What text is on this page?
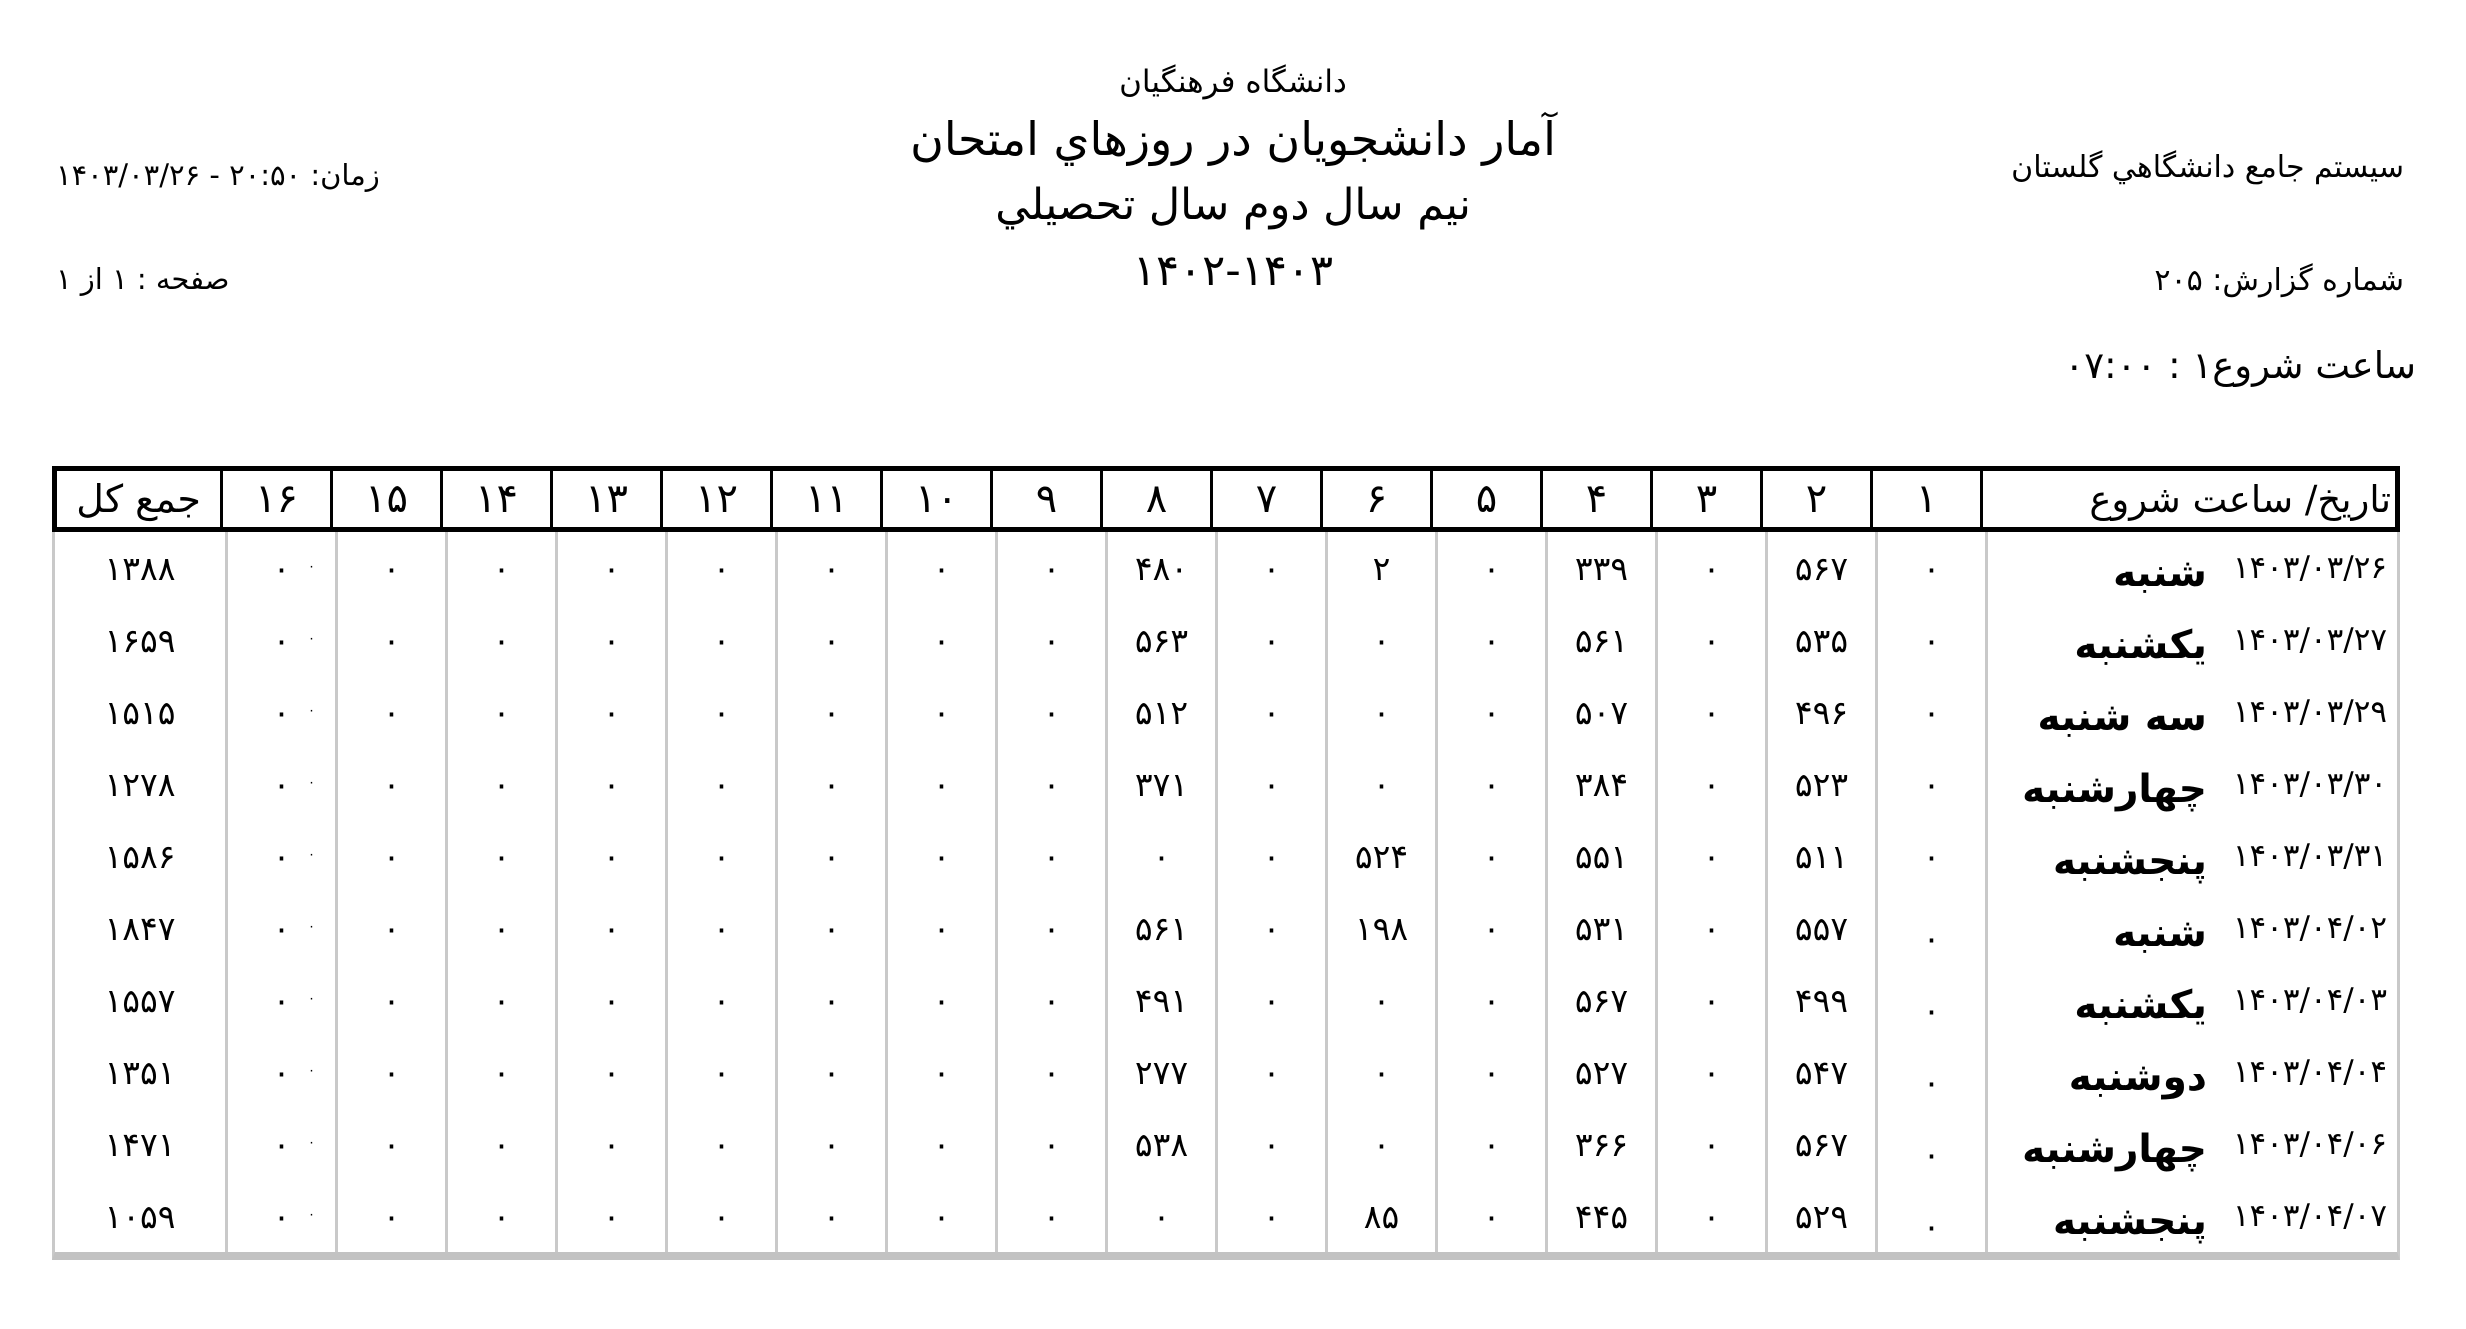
دانشگاه فرهنگيان
آمار دانشجويان در روزهاي امتحان
نيم سال دوم سال تحصيلي
۱۴۰۲-۱۴۰۳
سيستم جامع دانشگاهي گلستان
شماره گزارش: ۲۰۵
ساعت شروع۱ : ۰۷:۰۰
زمان: ۲۰:۵۰ - ۱۴۰۳/۰۳/۲۶
صفحه : ۱ از ۱
تاريخ/ ساعت شروع
۱
۲
۳
۴
۵
۶
۷
۸
۹
۱۰
۱۱
۱۲
۱۳
۱۴
۱۵
۱۶
جمع کل
۱۴۰۳/۰۳/۲۶
شنبه
۰
۵۶۷
۰
۳۳۹
۰
۲
۰
۴۸۰
۰
۰
۰
۰
۰
۰
۰
۰ ۰
۱۳۸۸
۱۴۰۳/۰۳/۲۷
يكشنبه
۰
۵۳۵
۰
۵۶۱
۰
۰
۰
۵۶۳
۰
۰
۰
۰
۰
۰
۰
۰ ۰
۱۶۵۹
۱۴۰۳/۰۳/۲۹
سه شنبه
۰
۴۹۶
۰
۵۰۷
۰
۰
۰
۵۱۲
۰
۰
۰
۰
۰
۰
۰
۰ ۰
۱۵۱۵
۱۴۰۳/۰۳/۳۰
چهارشنبه
۰
۵۲۳
۰
۳۸۴
۰
۰
۰
۳۷۱
۰
۰
۰
۰
۰
۰
۰
۰ ۰
۱۲۷۸
۱۴۰۳/۰۳/۳۱
پنجشنبه
۰
۵۱۱
۰
۵۵۱
۰
۵۲۴
۰
۰
۰
۰
۰
۰
۰
۰
۰
۰ ۰
۱۵۸۶
۱۴۰۳/۰۴/۰۲
شنبه
۰
۵۵۷
۰
۵۳۱
۰
۱۹۸
۰
۵۶۱
۰
۰
۰
۰
۰
۰
۰
۰ ۰
۱۸۴۷
۱۴۰۳/۰۴/۰۳
يكشنبه
۰
۴۹۹
۰
۵۶۷
۰
۰
۰
۴۹۱
۰
۰
۰
۰
۰
۰
۰
۰ ۰
۱۵۵۷
۱۴۰۳/۰۴/۰۴
دوشنبه
۰
۵۴۷
۰
۵۲۷
۰
۰
۰
۲۷۷
۰
۰
۰
۰
۰
۰
۰
۰ ۰
۱۳۵۱
۱۴۰۳/۰۴/۰۶
چهارشنبه
۰
۵۶۷
۰
۳۶۶
۰
۰
۰
۵۳۸
۰
۰
۰
۰
۰
۰
۰
۰ ۰
۱۴۷۱
۱۴۰۳/۰۴/۰۷
پنجشنبه
۰
۵۲۹
۰
۴۴۵
۰
۸۵
۰
۰
۰
۰
۰
۰
۰
۰
۰
۰ ۰
۱۰۵۹
